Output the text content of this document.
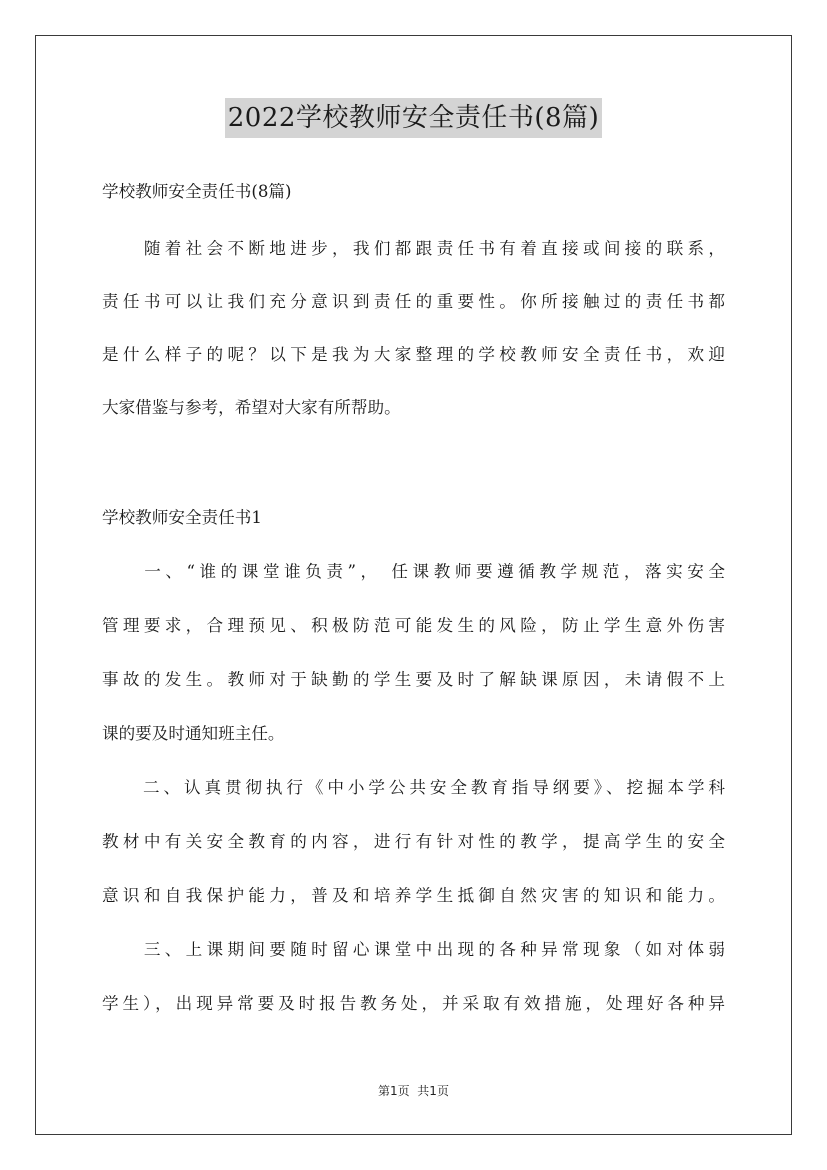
2022学校教师安全责任书(8篇)
学校教师安全责任书(8篇)
　　随着社会不断地进步，我们都跟责任书有着直接或间接的联系，
责任书可以让我们充分意识到责任的重要性。你所接触过的责任书都
是什么样子的呢？以下是我为大家整理的学校教师安全责任书，欢迎
大家借鉴与参考，希望对大家有所帮助。
学校教师安全责任书1
　　一、“谁的课堂谁负责”， 任课教师要遵循教学规范，落实安全
管理要求，合理预见、积极防范可能发生的风险，防止学生意外伤害
事故的发生。教师对于缺勤的学生要及时了解缺课原因，未请假不上
课的要及时通知班主任。
　　二、认真贯彻执行《中小学公共安全教育指导纲要》、挖掘本学科
教材中有关安全教育的内容，进行有针对性的教学，提高学生的安全
意识和自我保护能力，普及和培养学生抵御自然灾害的知识和能力。
　　三、上课期间要随时留心课堂中出现的各种异常现象（如对体弱
学生），出现异常要及时报告教务处，并采取有效措施，处理好各种异
第1页  共1页
